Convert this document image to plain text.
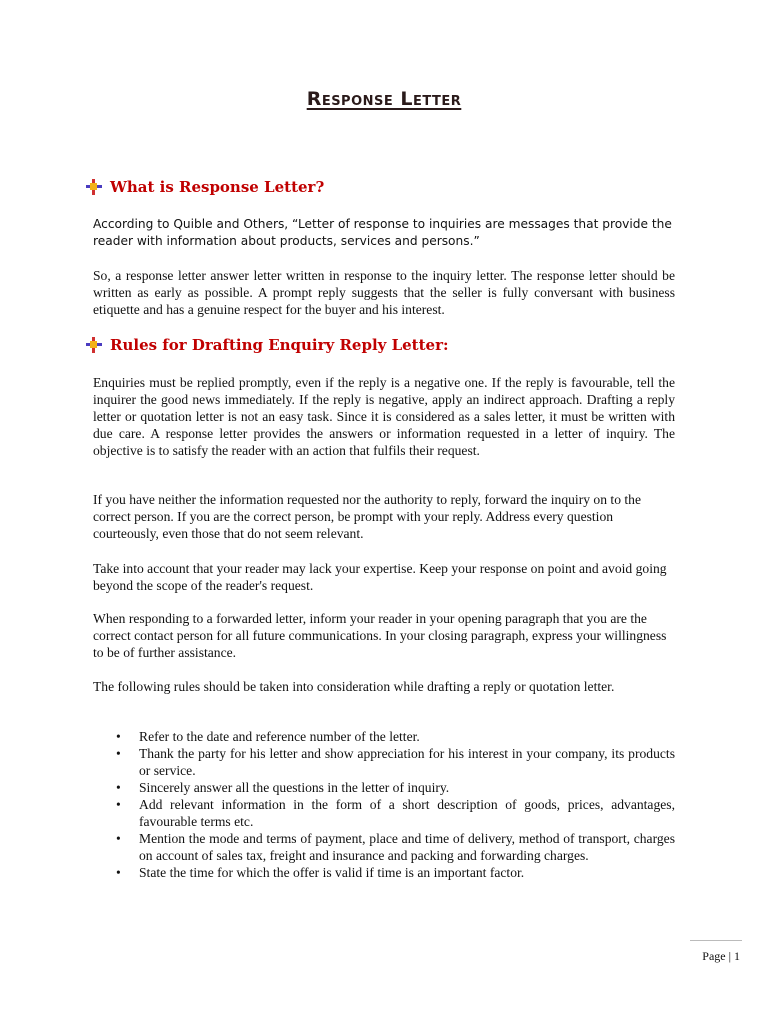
Response Letter
What is Response Letter?
According to Quible and Others, “Letter of response to inquiries are messages that provide the reader with information about products, services and persons.”
So, a response letter answer letter written in response to the inquiry letter. The response letter should be written as early as possible. A prompt reply suggests that the seller is fully conversant with business etiquette and has a genuine respect for the buyer and his interest.
Rules for Drafting Enquiry Reply Letter:
Enquiries must be replied promptly, even if the reply is a negative one. If the reply is favourable, tell the inquirer the good news immediately. If the reply is negative, apply an indirect approach. Drafting a reply letter or quotation letter is not an easy task. Since it is considered as a sales letter, it must be written with due care. A response letter provides the answers or information requested in a letter of inquiry. The objective is to satisfy the reader with an action that fulfils their request.
If you have neither the information requested nor the authority to reply, forward the inquiry on to the correct person. If you are the correct person, be prompt with your reply. Address every question courteously, even those that do not seem relevant.
Take into account that your reader may lack your expertise. Keep your response on point and avoid going beyond the scope of the reader's request.
When responding to a forwarded letter, inform your reader in your opening paragraph that you are the correct contact person for all future communications. In your closing paragraph, express your willingness to be of further assistance.
The following rules should be taken into consideration while drafting a reply or quotation letter.
• Refer to the date and reference number of the letter.
• Thank the party for his letter and show appreciation for his interest in your company, its products or service.
• Sincerely answer all the questions in the letter of inquiry.
• Add relevant information in the form of a short description of goods, prices, advantages, favourable terms etc.
• Mention the mode and terms of payment, place and time of delivery, method of transport, charges on account of sales tax, freight and insurance and packing and forwarding charges.
• State the time for which the offer is valid if time is an important factor.
Page | 1
